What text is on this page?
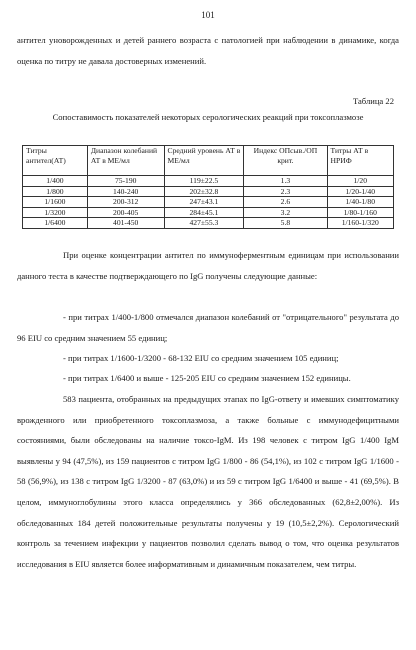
101

антител уноворожденных и детей раннего возраста с патологией при наблюдении в динамике, когда оценка по титру не давала достоверных изменений.

Таблица 22
Сопоставимость показателей некоторых серологических реакций при токсоплазмозе
Титры антител(АТ)	Диапазон колебаний АТ в МЕ/мл	Средний уровень АТ в МЕ/мл	Индекс ОПсыв./ОП крит.	Титры АТ в НРИФ
1/400	75-190	119±22.5	1.3	1/20
1/800	140-240	202±32.8	2.3	1/20-1/40
1/1600	200-312	247±43.1	2.6	1/40-1/80
1/3200	200-405	284±45.1	3.2	1/80-1/160
1/6400	401-450	427±55.3	5.8	1/160-1/320

При оценке концентрации антител по иммуноферментным единицам при использовании данного теста в качестве подтверждающего по IgG получены следующие данные:

- при титрах 1/400-1/800 отмечался диапазон колебаний от "отрицательного" результата до 96 EIU со средним значением 55 единиц;

- при титрах 1/1600-1/3200 - 68-132 EIU со средним значением 105 единиц;

- при титрах 1/6400 и выше - 125-205 EIU со средним значением 152 единицы.

583 пациента, отобранных на предыдущих этапах по IgG-ответу и имевших симптоматику врожденного или приобретенного токсоплазмоза, а также больные с иммунодефицитными состояниями, были обследованы на наличие токсо-IgM. Из 198 человек с титром IgG 1/400 IgM выявлены у 94 (47,5%), из 159 пациентов с титром IgG 1/800 - 86 (54,1%), из 102 с титром IgG 1/1600 - 58 (56,9%), из 138 с титром IgG 1/3200 - 87 (63,0%) и из 59 с титром IgG 1/6400 и выше - 41 (69,5%). В целом, иммуноглобулины этого класса определялись у 366 обследованных (62,8±2,00%). Из обследованных 184 детей положительные результаты получены у 19 (10,5±2,2%). Серологический контроль за течением инфекции у пациентов позволил сделать вывод о том, что оценка результатов исследования в EIU является более информативным и динамичным показателем, чем титры.
